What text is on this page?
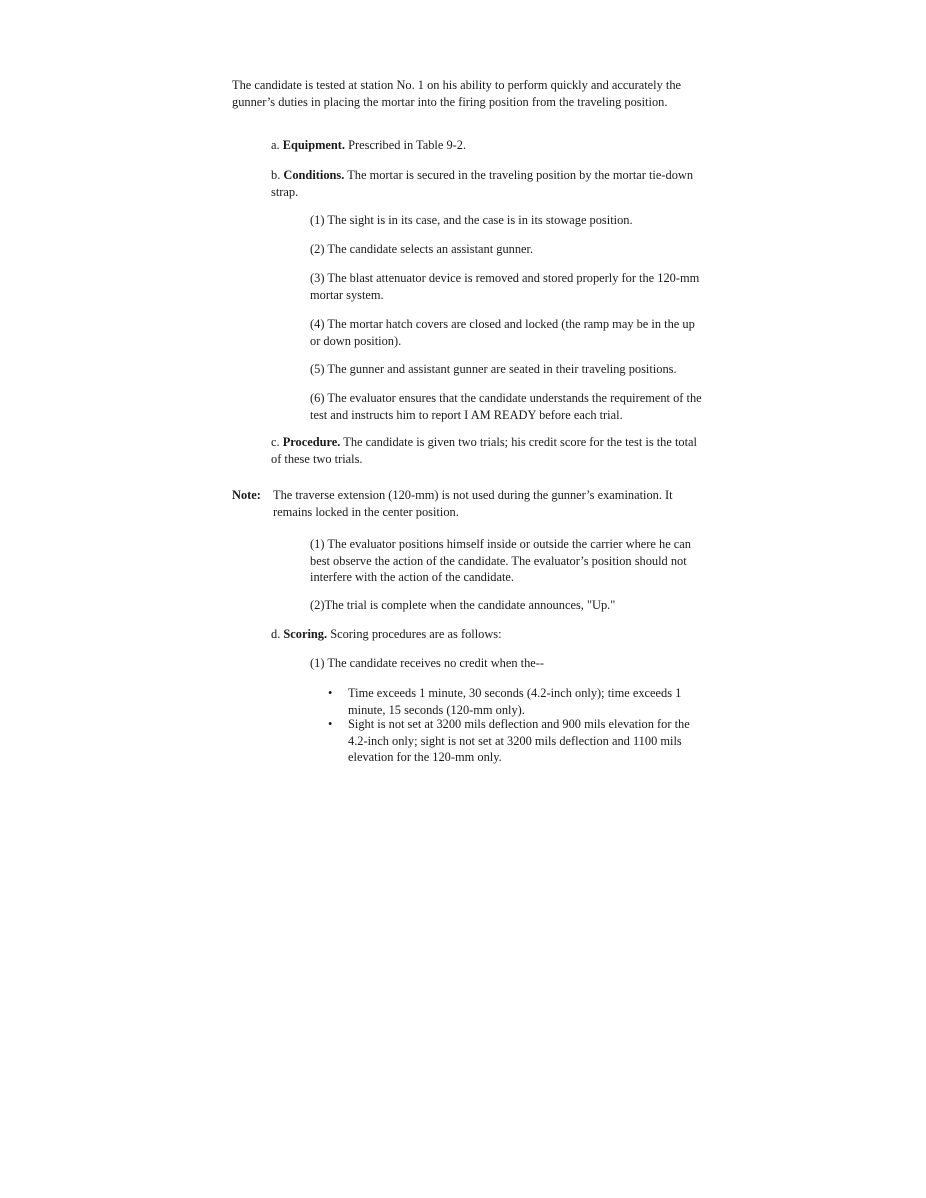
The candidate is tested at station No. 1 on his ability to perform quickly and accurately the gunner’s duties in placing the mortar into the firing position from the traveling position.

a. Equipment. Prescribed in Table 9-2.

b. Conditions. The mortar is secured in the traveling position by the mortar tie-down strap.

(1) The sight is in its case, and the case is in its stowage position.

(2) The candidate selects an assistant gunner.

(3) The blast attenuator device is removed and stored properly for the 120-mm mortar system.

(4) The mortar hatch covers are closed and locked (the ramp may be in the up or down position).

(5) The gunner and assistant gunner are seated in their traveling positions.

(6) The evaluator ensures that the candidate understands the requirement of the test and instructs him to report I AM READY before each trial.

c. Procedure. The candidate is given two trials; his credit score for the test is the total of these two trials.

Note: The traverse extension (120-mm) is not used during the gunner’s examination. It remains locked in the center position.

(1) The evaluator positions himself inside or outside the carrier where he can best observe the action of the candidate. The evaluator’s position should not interfere with the action of the candidate.

(2)The trial is complete when the candidate announces, "Up."

d. Scoring. Scoring procedures are as follows:

(1) The candidate receives no credit when the--

•	Time exceeds 1 minute, 30 seconds (4.2-inch only); time exceeds 1 minute, 15 seconds (120-mm only).

•	Sight is not set at 3200 mils deflection and 900 mils elevation for the 4.2-inch only; sight is not set at 3200 mils deflection and 1100 mils elevation for the 120-mm only.
